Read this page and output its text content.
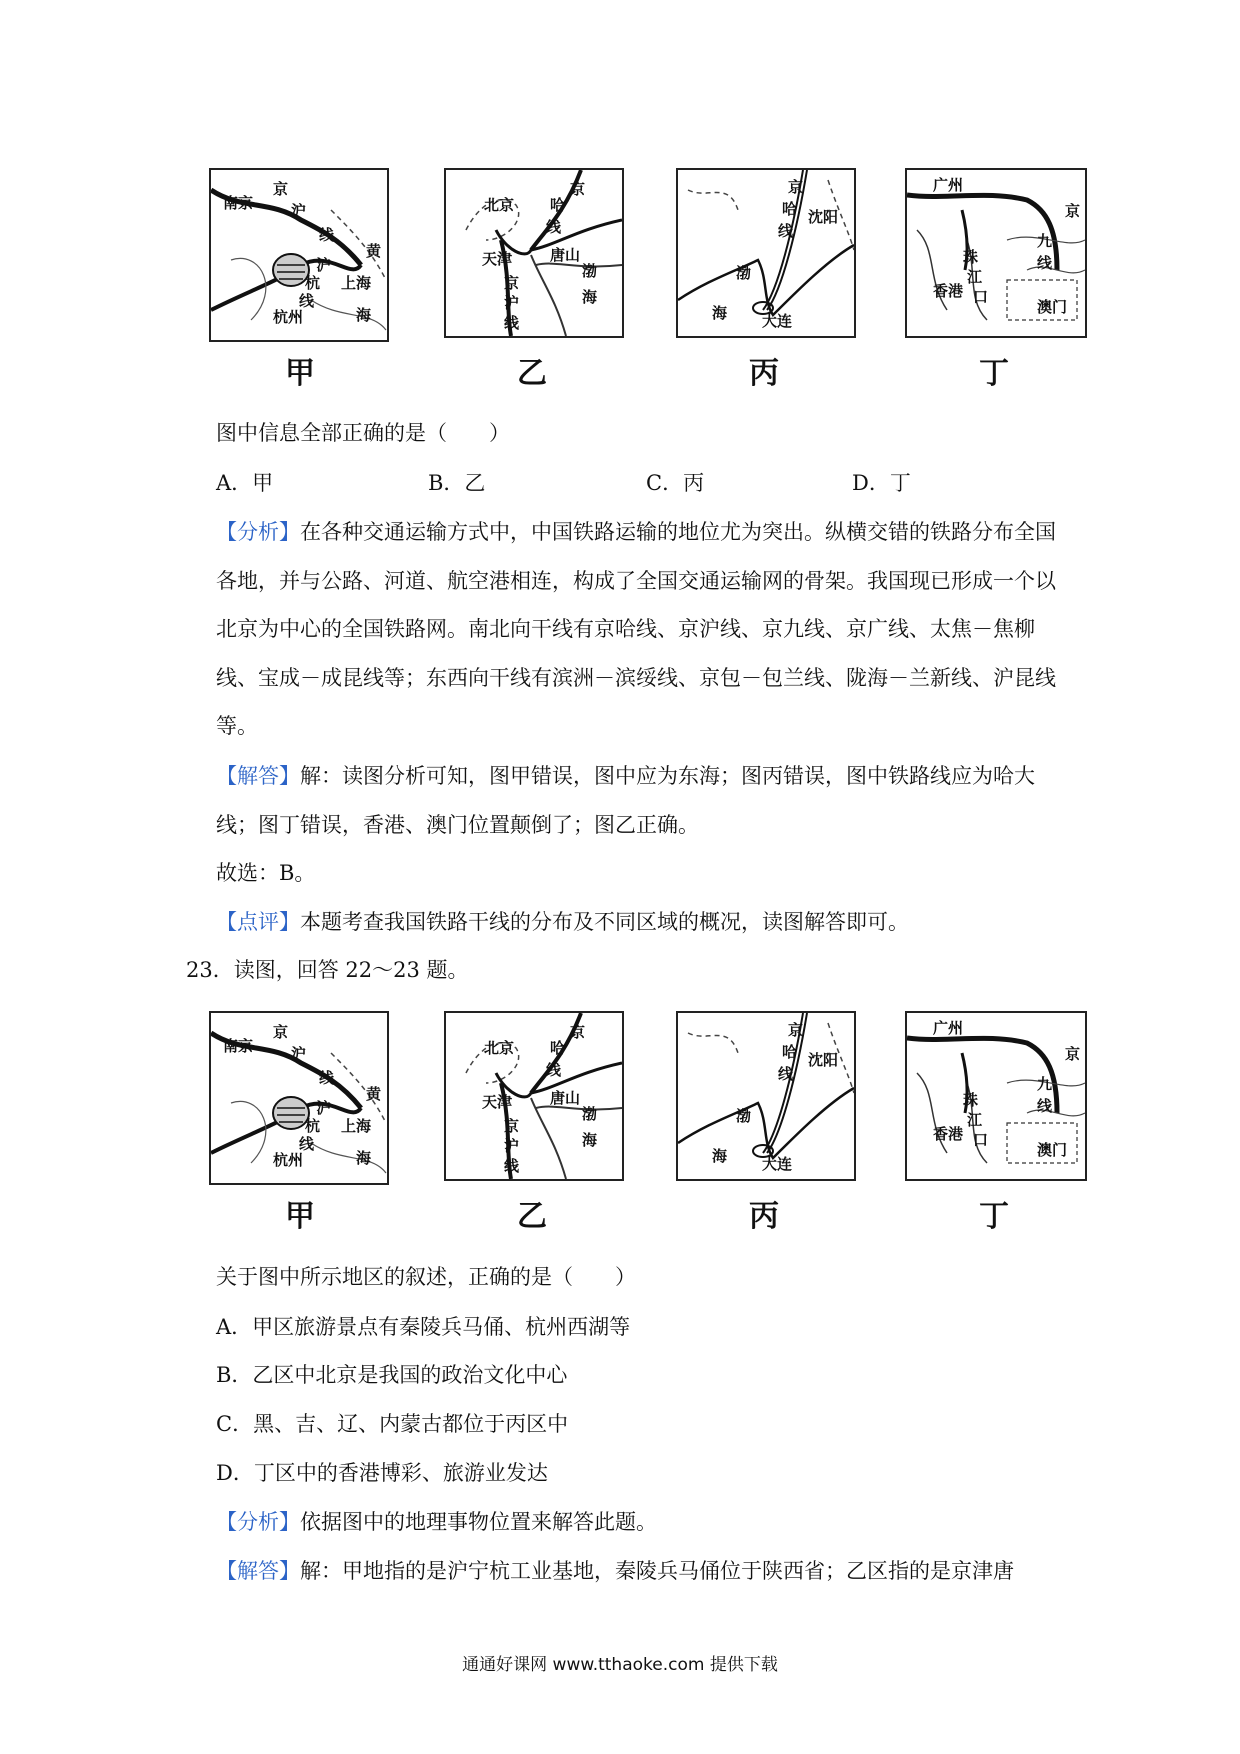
南京
京
沪
线
沪
杭
线
上海
黄
海
杭州
北京 哈
线
京
天津	唐山
京
沪
线
渤
海
京
哈
线
沈阳
渤
海 大连
广州
京
九
线
珠
江
口
香港
澳门
甲	乙	丙	丁
图中信息全部正确的是（　　）
A．甲	B．乙	C．丙	D．丁
【分析】在各种交通运输方式中，中国铁路运输的地位尤为突出。纵横交错的铁路分布全国各地，并与公路、河道、航空港相连，构成了全国交通运输网的骨架。我国现已形成一个以北京为中心的全国铁路网。南北向干线有京哈线、京沪线、京九线、京广线、太焦－焦柳线、宝成－成昆线等；东西向干线有滨洲－滨绥线、京包－包兰线、陇海－兰新线、沪昆线等。
【解答】解：读图分析可知，图甲错误，图中应为东海；图丙错误，图中铁路线应为哈大线；图丁错误，香港、澳门位置颠倒了；图乙正确。
故选：B。
【点评】本题考查我国铁路干线的分布及不同区域的概况，读图解答即可。
23．读图，回答 22～23 题。
南京
京
沪
线
沪
杭
线
上海
黄
海
杭州
北京 哈
线
京
天津	唐山
京
沪
线
渤
海
京
哈
线
沈阳
渤
海 大连
广州
京
九
线
珠
江
口
香港
澳门
甲	乙	丙	丁
关于图中所示地区的叙述，正确的是（　　）
A．甲区旅游景点有秦陵兵马俑、杭州西湖等
B．乙区中北京是我国的政治文化中心
C．黑、吉、辽、内蒙古都位于丙区中
D．丁区中的香港博彩、旅游业发达
【分析】依据图中的地理事物位置来解答此题。
【解答】解：甲地指的是沪宁杭工业基地，秦陵兵马俑位于陕西省；乙区指的是京津唐
通通好课网 www.tthaoke.com 提供下载
